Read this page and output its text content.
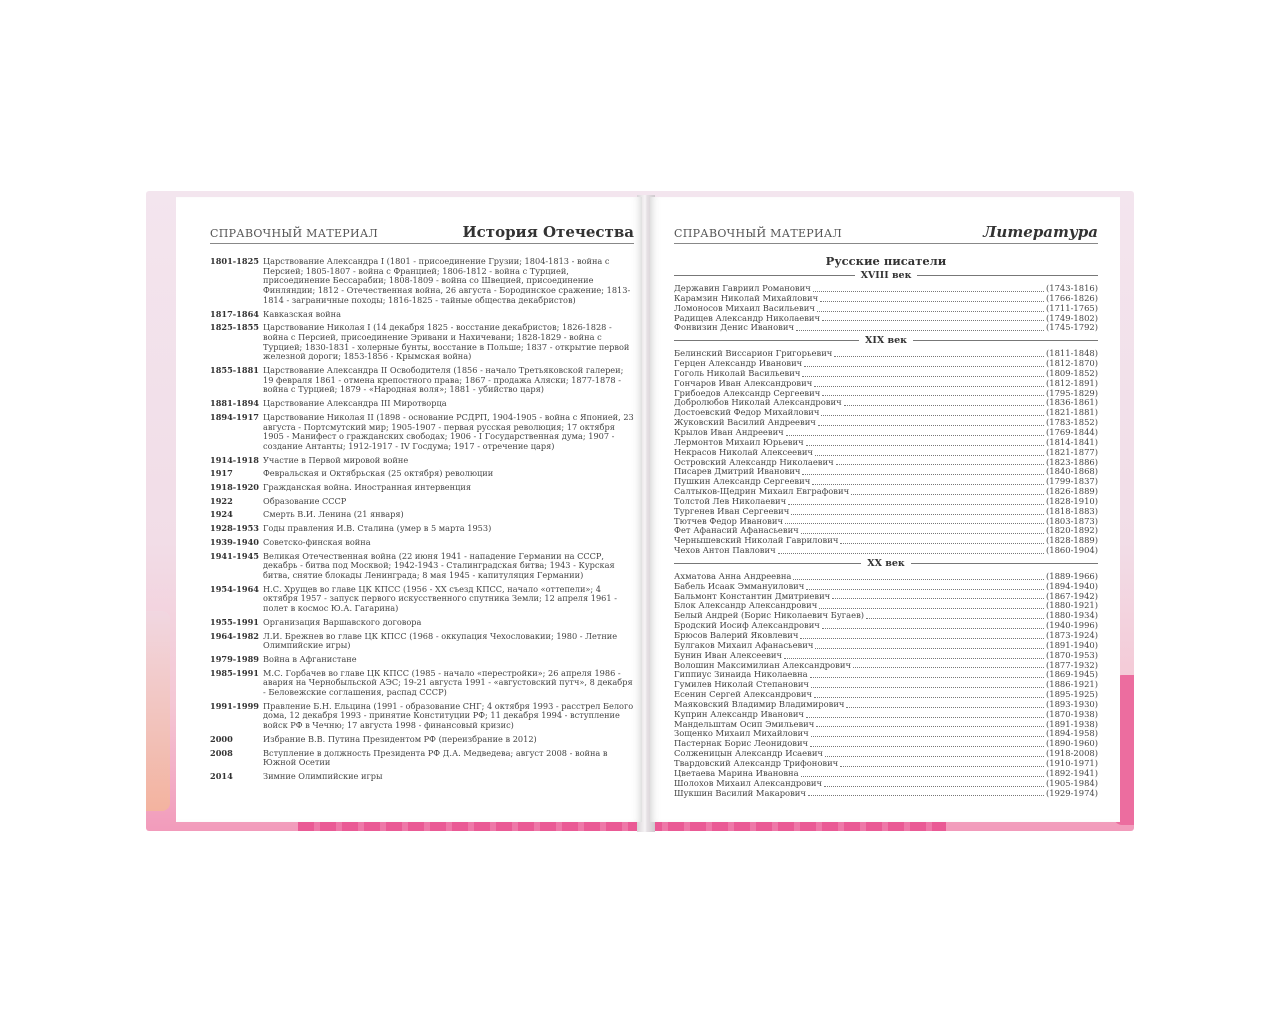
СПРАВОЧНЫЙ МАТЕРИАЛ	История Отечества
1801-1825 Царствование Александра I (1801 - присоединение Грузии; 1804-1813 - война с Персией; 1805-1807 - война с Францией; 1806-1812 - война с Турцией, присоединение Бессарабии; 1808-1809 - война со Швецией, присоединение Финляндии; 1812 - Отечественная война, 26 августа - Бородинское сражение; 1813-1814 - заграничные походы; 1816-1825 - тайные общества декабристов)
1817-1864 Кавказская война
1825-1855 Царствование Николая I (14 декабря 1825 - восстание декабристов; 1826-1828 - война с Персией, присоединение Эривани и Нахичевани; 1828-1829 - война с Турцией; 1830-1831 - холерные бунты, восстание в Польше; 1837 - открытие первой железной дороги; 1853-1856 - Крымская война)
1855-1881 Царствование Александра II Освободителя (1856 - начало Третьяковской галереи; 19 февраля 1861 - отмена крепостного права; 1867 - продажа Аляски; 1877-1878 - война с Турцией; 1879 - «Народная воля»; 1881 - убийство царя)
1881-1894 Царствование Александра III Миротворца
1894-1917 Царствование Николая II (1898 - основание РСДРП, 1904-1905 - война с Японией, 23 августа - Портсмутский мир; 1905-1907 - первая русская революция; 17 октября 1905 - Манифест о гражданских свободах; 1906 - I Государственная дума; 1907 - создание Антанты; 1912-1917 - IV Госдума; 1917 - отречение царя)
1914-1918 Участие в Первой мировой войне
1917	Февральская и Октябрьская (25 октября) революции
1918-1920 Гражданская война. Иностранная интервенция
1922	Образование СССР
1924	Смерть В.И. Ленина (21 января)
1928-1953 Годы правления И.В. Сталина (умер в 5 марта 1953)
1939-1940 Советско-финская война
1941-1945 Великая Отечественная война (22 июня 1941 - нападение Германии на СССР, декабрь - битва под Москвой; 1942-1943 - Сталинградская битва; 1943 - Курская битва, снятие блокады Ленинграда; 8 мая 1945 - капитуляция Германии)
1954-1964 Н.С. Хрущев во главе ЦК КПСС (1956 - XX съезд КПСС, начало «оттепели»; 4 октября 1957 - запуск первого искусственного спутника Земли; 12 апреля 1961 - полет в космос Ю.А. Гагарина)
1955-1991 Организация Варшавского договора
1964-1982 Л.И. Брежнев во главе ЦК КПСС (1968 - оккупация Чехословакии; 1980 - Летние Олимпийские игры)
1979-1989 Война в Афганистане
1985-1991 М.С. Горбачев во главе ЦК КПСС (1985 - начало «перестройки»; 26 апреля 1986 - авария на Чернобыльской АЭС; 19-21 августа 1991 - «августовский путч», 8 декабря - Беловежские соглашения, распад СССР)
1991-1999 Правление Б.Н. Ельцина (1991 - образование СНГ; 4 октября 1993 - расстрел Белого дома, 12 декабря 1993 - принятие Конституции РФ; 11 декабря 1994 - вступление войск РФ в Чечню; 17 августа 1998 - финансовый кризис)
2000	Избрание В.В. Путина Президентом РФ (переизбрание в 2012)
2008	Вступление в должность Президента РФ Д.А. Медведева; август 2008 - война в Южной Осетии
2014	Зимние Олимпийские игры
СПРАВОЧНЫЙ МАТЕРИАЛ	Литература
Русские писатели
XVIII век
Державин Гавриил Романович	(1743-1816)
Карамзин Николай Михайлович	(1766-1826)
Ломоносов Михаил Васильевич	(1711-1765)
Радищев Александр Николаевич	(1749-1802)
Фонвизин Денис Иванович	(1745-1792)
XIX век
Белинский Виссарион Григорьевич	(1811-1848)
Герцен Александр Иванович	(1812-1870)
Гоголь Николай Васильевич	(1809-1852)
Гончаров Иван Александрович	(1812-1891)
Грибоедов Александр Сергеевич	(1795-1829)
Добролюбов Николай Александрович	(1836-1861)
Достоевский Федор Михайлович	(1821-1881)
Жуковский Василий Андреевич	(1783-1852)
Крылов Иван Андреевич	(1769-1844)
Лермонтов Михаил Юрьевич	(1814-1841)
Некрасов Николай Алексеевич	(1821-1877)
Островский Александр Николаевич	(1823-1886)
Писарев Дмитрий Иванович	(1840-1868)
Пушкин Александр Сергеевич	(1799-1837)
Салтыков-Щедрин Михаил Евграфович	(1826-1889)
Толстой Лев Николаевич	(1828-1910)
Тургенев Иван Сергеевич	(1818-1883)
Тютчев Федор Иванович	(1803-1873)
Фет Афанасий Афанасьевич	(1820-1892)
Чернышевский Николай Гаврилович	(1828-1889)
Чехов Антон Павлович	(1860-1904)
XX век
Ахматова Анна Андреевна	(1889-1966)
Бабель Исаак Эммануилович	(1894-1940)
Бальмонт Константин Дмитриевич	(1867-1942)
Блок Александр Александрович	(1880-1921)
Белый Андрей (Борис Николаевич Бугаев)	(1880-1934)
Бродский Иосиф Александрович	(1940-1996)
Брюсов Валерий Яковлевич	(1873-1924)
Булгаков Михаил Афанасьевич	(1891-1940)
Бунин Иван Алексеевич	(1870-1953)
Волошин Максимилиан Александрович	(1877-1932)
Гиппиус Зинаида Николаевна	(1869-1945)
Гумилев Николай Степанович	(1886-1921)
Есенин Сергей Александрович	(1895-1925)
Маяковский Владимир Владимирович	(1893-1930)
Куприн Александр Иванович	(1870-1938)
Мандельштам Осип Эмильевич	(1891-1938)
Зощенко Михаил Михайлович	(1894-1958)
Пастернак Борис Леонидович	(1890-1960)
Солженицын Александр Исаевич	(1918-2008)
Твардовский Александр Трифонович	(1910-1971)
Цветаева Марина Ивановна	(1892-1941)
Шолохов Михаил Александрович	(1905-1984)
Шукшин Василий Макарович	(1929-1974)
